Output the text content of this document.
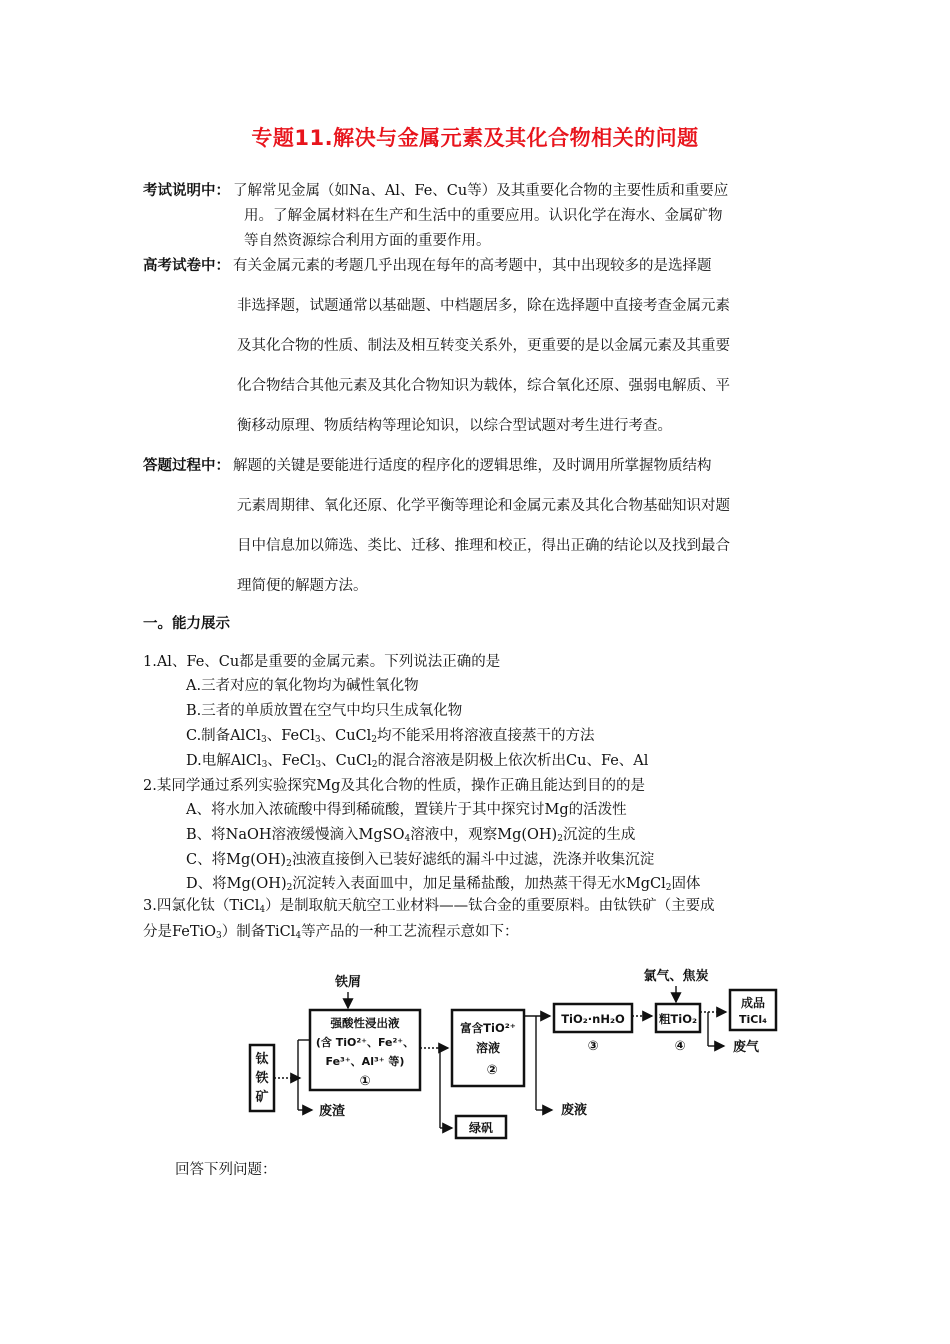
专题11.解决与金属元素及其化合物相关的问题
考试说明中： 了解常见金属（如Na、Al、Fe、Cu等）及其重要化合物的主要性质和重要应
用。了解金属材料在生产和生活中的重要应用。认识化学在海水、金属矿物
等自然资源综合利用方面的重要作用。
高考试卷中： 有关金属元素的考题几乎出现在每年的高考题中，其中出现较多的是选择题
非选择题，试题通常以基础题、中档题居多，除在选择题中直接考查金属元素
及其化合物的性质、制法及相互转变关系外，更重要的是以金属元素及其重要
化合物结合其他元素及其化合物知识为载体，综合氧化还原、强弱电解质、平
衡移动原理、物质结构等理论知识，以综合型试题对考生进行考查。
答题过程中： 解题的关键是要能进行适度的程序化的逻辑思维，及时调用所掌握物质结构
元素周期律、氧化还原、化学平衡等理论和金属元素及其化合物基础知识对题
目中信息加以筛选、类比、迁移、推理和校正，得出正确的结论以及找到最合
理简便的解题方法。
一。能力展示
1.Al、Fe、Cu都是重要的金属元素。下列说法正确的是
A.三者对应的氧化物均为碱性氧化物
B.三者的单质放置在空气中均只生成氧化物
C.制备AlCl$_3$、FeCl$_3$、CuCl$_2$均不能采用将溶液直接蒸干的方法
D.电解AlCl$_3$、FeCl$_3$、CuCl$_2$的混合溶液是阴极上依次析出Cu、Fe、Al
2.某同学通过系列实验探究Mg及其化合物的性质，操作正确且能达到目的的是
A、将水加入浓硫酸中得到稀硫酸，置镁片于其中探究讨Mg的活泼性
B、将NaOH溶液缓慢滴入MgSO$_4$溶液中，观察$Mg(OH)_2$沉淀的生成
C、将$Mg(OH)_2$浊液直接倒入已装好滤纸的漏斗中过滤，洗涤并收集沉淀
D、将$Mg(OH)_2$沉淀转入表面皿中，加足量稀盐酸，加热蒸干得无水MgCl$_2$固体
3.四氯化钛（TiCl$_4$）是制取航天航空工业材料——钛合金的重要原料。由钛铁矿（主要成
分是FeTiO$_3$）制备TiCl$_4$等产品的一种工艺流程示意如下：
钛
铁
矿
铁屑
强酸性浸出液
(含 TiO²⁺、Fe²⁺、
Fe³⁺、Al³⁺ 等)
①
废渣
富含TiO²⁺
溶液
②
绿矾
TiO₂·nH₂O
③
废液
氯气、焦炭
粗TiO₂
④
成品
TiCl₄
废气
回答下列问题：
